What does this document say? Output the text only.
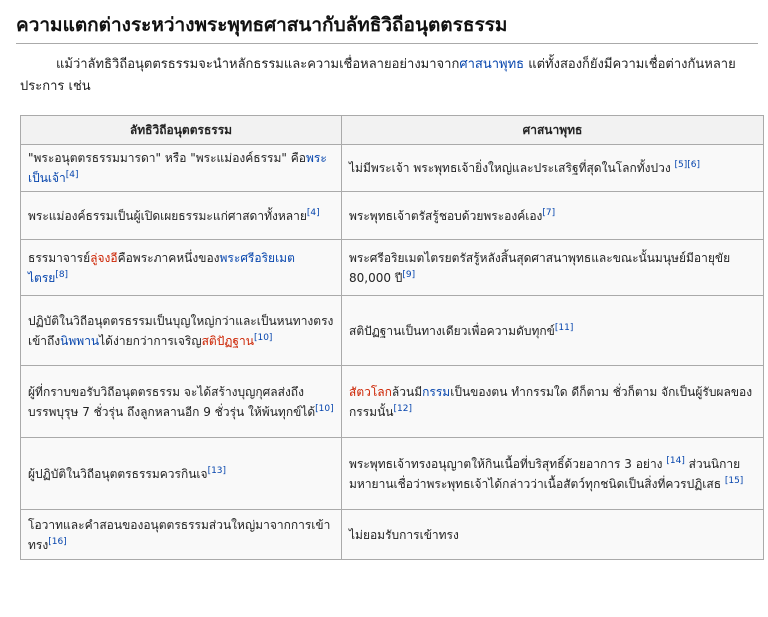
ความแตกต่างระหว่างพระพุทธศาสนากับลัทธิวิถีอนุตตรธรรม

แม้ว่าลัทธิวิถีอนุตตรธรรมจะนำหลักธรรมและความเชื่อหลายอย่างมาจากศาสนาพุทธ แต่ทั้งสองก็ยังมีความเชื่อต่างกันหลายประการ เช่น

ลัทธิวิถีอนุตตรธรรม	ศาสนาพุทธ
"พระอนุตตรธรรมมารดา" หรือ "พระแม่องค์ธรรม" คือพระเป็นเจ้า[4]	ไม่มีพระเจ้า พระพุทธเจ้ายิ่งใหญ่และประเสริฐที่สุดในโลกทั้งปวง [5][6]
พระแม่องค์ธรรมเป็นผู้เปิดเผยธรรมะแก่ศาสดาทั้งหลาย[4]	พระพุทธเจ้าตรัสรู้ชอบด้วยพระองค์เอง[7]
ธรรมาจารย์ลู่จงอีคือพระภาคหนึ่งของพระศรีอริยเมตไตรย[8]	พระศรีอริยเมตไตรยตรัสรู้หลังสิ้นสุดศาสนาพุทธและขณะนั้นมนุษย์มีอายุขัย 80,000 ปี[9]
ปฏิบัติในวิถีอนุตตรธรรมเป็นบุญใหญ่กว่าและเป็นหนทางตรงเข้าถึงนิพพานได้ง่ายกว่าการเจริญสติปัฏฐาน[10]	สติปัฏฐานเป็นทางเดียวเพื่อความดับทุกข์[11]
ผู้ที่กราบขอรับวิถีอนุตตรธรรม จะได้สร้างบุญกุศลส่งถึงบรรพบุรุษ 7 ชั่วรุ่น ถึงลูกหลานอีก 9 ชั่วรุ่น ให้พ้นทุกข์ได้[10]	สัตวโลกล้วนมีกรรมเป็นของตน ทำกรรมใด ดีก็ตาม ชั่วก็ตาม จักเป็นผู้รับผลของกรรมนั้น[12]
ผู้ปฏิบัติในวิถีอนุตตรธรรมควรกินเจ[13]	พระพุทธเจ้าทรงอนุญาตให้กินเนื้อที่บริสุทธิ์ด้วยอาการ 3 อย่าง [14] ส่วนนิกายมหายานเชื่อว่าพระพุทธเจ้าได้กล่าวว่าเนื้อสัตว์ทุกชนิดเป็นสิ่งที่ควรปฏิเสธ [15]
โอวาทและคำสอนของอนุตตรธรรมส่วนใหญ่มาจากการเข้าทรง[16]	ไม่ยอมรับการเข้าทรง
